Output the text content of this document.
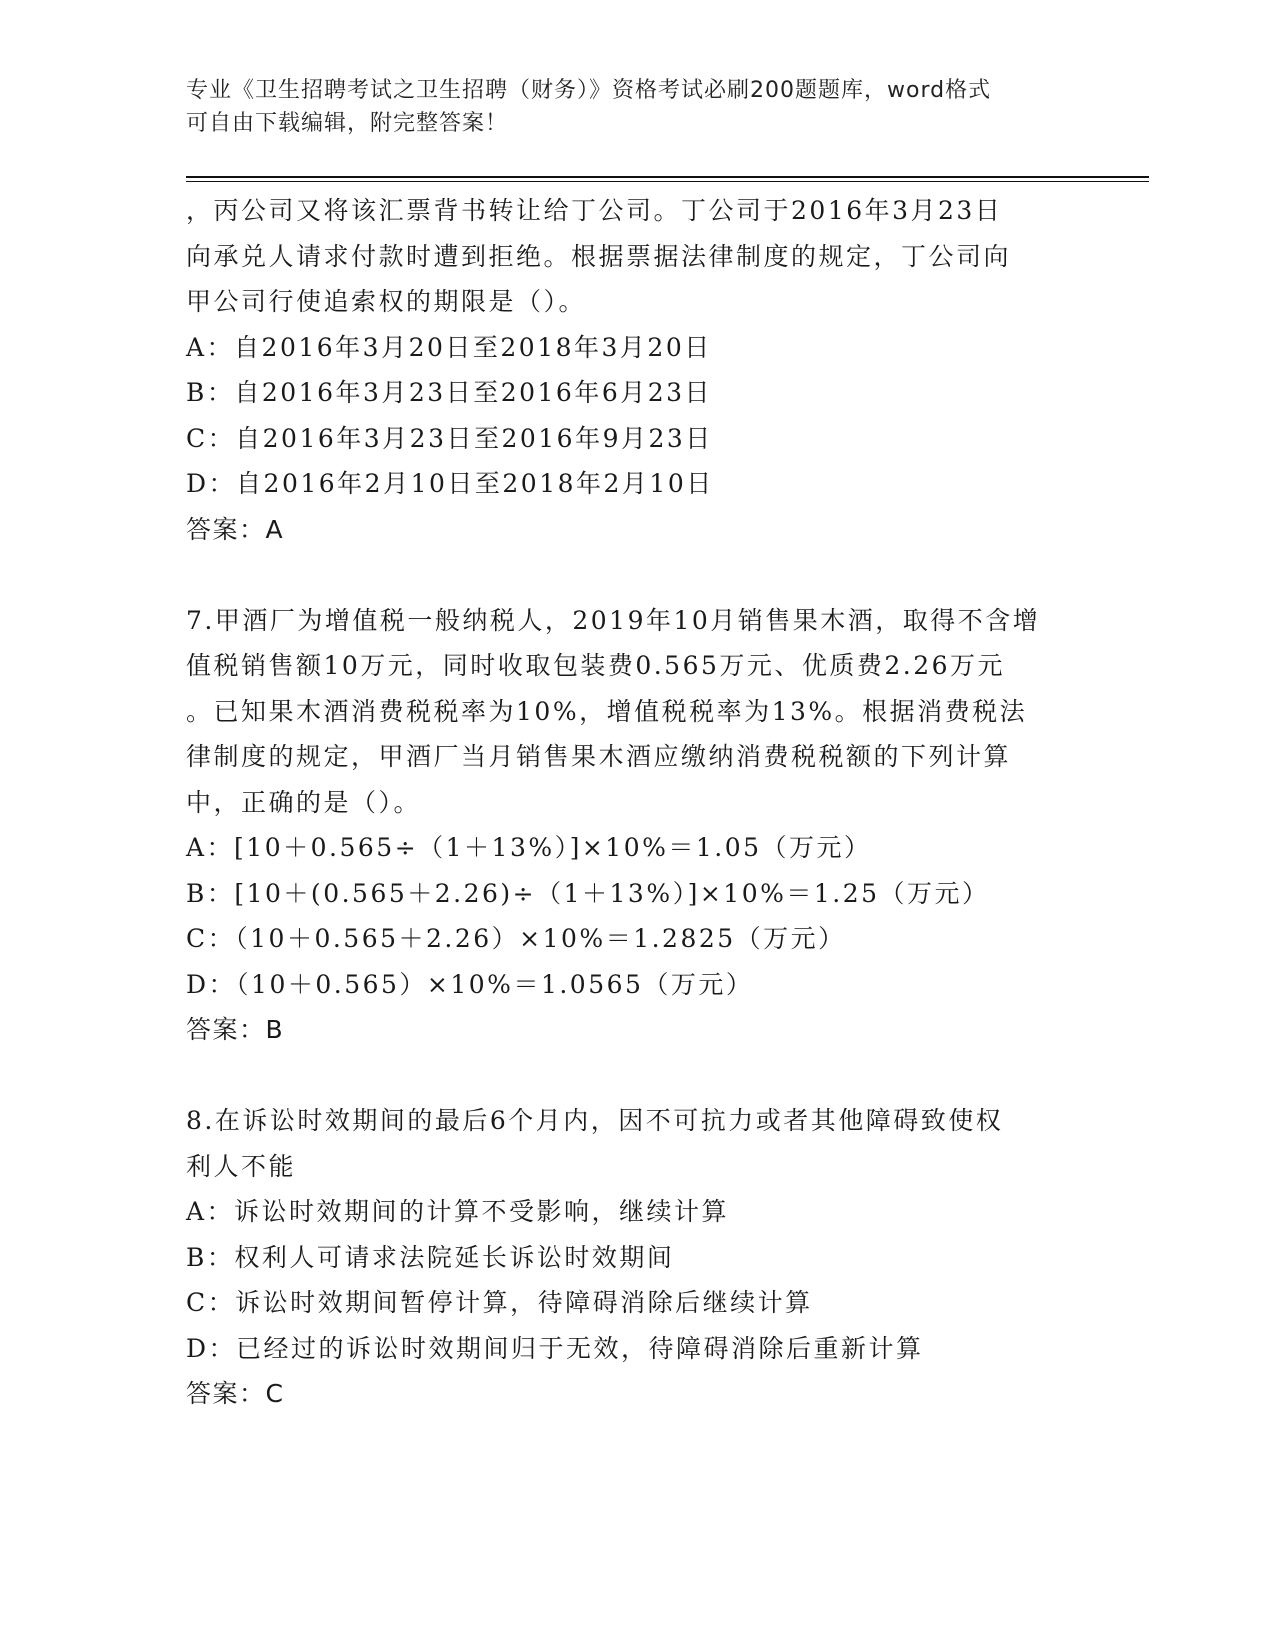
专业《卫生招聘考试之卫生招聘（财务）》资格考试必刷200题题库，word格式
可自由下载编辑，附完整答案！
，丙公司又将该汇票背书转让给丁公司。丁公司于2016年3月23日
向承兑人请求付款时遭到拒绝。根据票据法律制度的规定，丁公司向
甲公司行使追索权的期限是（）。
A：自2016年3月20日至2018年3月20日
B：自2016年3月23日至2016年6月23日
C：自2016年3月23日至2016年9月23日
D：自2016年2月10日至2018年2月10日
答案：A
7.甲酒厂为增值税一般纳税人，2019年10月销售果木酒，取得不含增
值税销售额10万元，同时收取包装费0.565万元、优质费2.26万元
。已知果木酒消费税税率为10%，增值税税率为13%。根据消费税法
律制度的规定，甲酒厂当月销售果木酒应缴纳消费税税额的下列计算
中，正确的是（）。
A：[10＋0.565÷（1＋13%）]×10%＝1.05（万元）
B：[10＋(0.565＋2.26)÷（1＋13%）]×10%＝1.25（万元）
C：（10＋0.565＋2.26）×10%＝1.2825（万元）
D：（10＋0.565）×10%＝1.0565（万元）
答案：B
8.在诉讼时效期间的最后6个月内，因不可抗力或者其他障碍致使权
利人不能
A：诉讼时效期间的计算不受影响，继续计算
B：权利人可请求法院延长诉讼时效期间
C：诉讼时效期间暂停计算，待障碍消除后继续计算
D：已经过的诉讼时效期间归于无效，待障碍消除后重新计算
答案：C
